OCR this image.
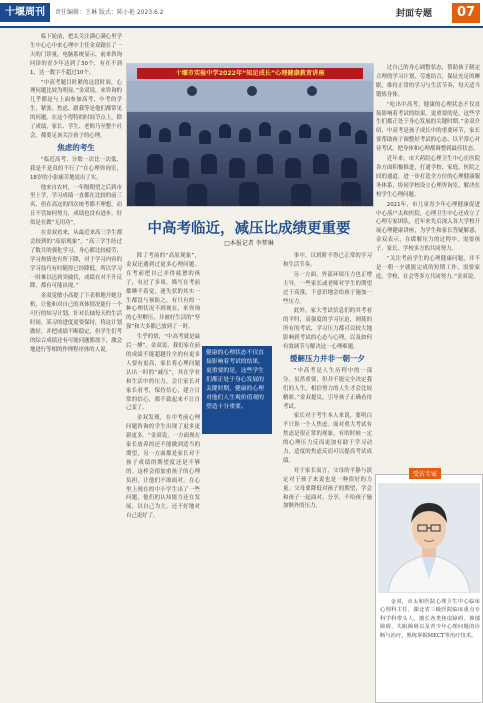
十堰周刊	责任编辑：王琳 版式：陈小艳 2023.6.2	封面专题	07

临下轮前，把太关注满心满心里学生中心心中来心理中主任金双籍在了一天的门诊量。电脑系统显示，前来咨询问诊的青少年达到了30个，有在不到1，达一数字不超过10个。

“中高考题目时紧的这段时间，心理问题比较为明显。”金双说，来咨询的几乎都是与上面参加高考、中考的学生，紧张、焦虑、跟我等是他们都常见的问题。在这个得特的时间节点上，除了成绩，家长、学生、老师乃至整个社会，都要足该关注孩子的心理。

焦虑的考生

“临近高考，分数一次比一次低，我是不是真的不行了”在心理咨询室，18岁的小张痛苦地说出了实。

他来自农村，一年级期望之后到市里上学，学习成绩一直都在比较的前三名，但在高这的四次统考都不理想，而且不管如何努力，成绩也没有进步，好似是在做“无用功”。

在金双看来，从最近来高三学生都会较到的“高原现象”。“高三学生经过了数月的强化学习，身心都比较疲劳，学习热情也有所下降，对于学习内容的学习技巧有时随得已经降低，所以学习一时难以达到突破状，成绩在对不升反降，都有可能出现。”

金双觉敏小高提了下表格地开她分析，让他和对自己的真体情况能行一个可行的知习计划，针对长轴每天的生活时间，某习的进度更要保持，将这计划做好，并把成绩不断稳定，但学生们考的综合成绩还有可能问题都放下，激会地进行等相的作理程序体的人说。

十堰市实验中学2022年“知足成长”心理健康教育讲座
心理健康讲座。
中高考临近，减压比成绩更重要
□本报记者 李梦琳

除了考前的“高原现象”，金双还遇到过更多心理问题。在考前把自己弄得疲惫的孩子，有过了多项，描写在考前都睡不着觉，迷失状的其实一生都没与预防之，有只有的一种心理状况不到现在，来咨询的心里解压，并被好生活的“坚强”和大多都已放到了一时。

生乎的情，“中高考就是最后一搏”。金双说，我们家在前的成绩不能超越往全的有更多人要有更高，家长将心理问题认出一时的“减压”，其在学业和生活中的压力，会让家长对家长看考，保持信心，建立日常的信心，都不致起来不让自己变了。

金双发现，在中考前心理问题咨询的学生出现了更多更新更多。“金双说，一方面现在家长放养的还不能做到适当的期望，另一方面都是家长对于孩子成绩的期望度还是不够的。这样会很加重孩子的心理负担，让他们不敢面对。在心里上现在的中小学生出了一些问题，他们的认知能力还在发展、以自己为主，还不好地对自己更好了。

健康的心理状态不仅直接影响着考试的结果，更重要的是，这些学生们都正处于身心发展的关键时期，健康的心理对他们人生观价值观的塑造十分重要。

事中，以班阶不得已正常的学习和生活节奏。

另一方面，外部环境压力也正增主导。一些家长或老师对学生的期望过于高涨，下意识地会给孩子施加一些压力。

此外，家大考试信息们的其考看的平时，高强度的学习压迫，则使的所有的考试，学习压力都可以较大地影响到考试的心态与心理，以及如何有效调节与解决这一心理难题。

缓解压力并非一朝一夕

“中高考是人生历程中的一部分，虽然重要，但并不能完全决定我们的人生，相信努力的人生才会比较精彩。”金双提议，引导孩子正确看待考试。

家长对于考生本人来说，要明白不只你一个人焦虑。面对重大考试有焦虑是很正常的现象，有的时候一定的心理压力反而更加有助于学习动力，适度的焦虑反而可以提高考试成绩。

对于家长而言，父母的平静与淡定对于孩子来说也是一种很好的力量。父母要降低对孩子的期望，学会和孩子一起面对、分享，不给孩子施加额外的压力。

过自己的身心调整状态，帮助孩子制定合理的学习计划，劳逸结合，保证充足的睡眠，维持正常的学习与生活节奏，每天适当锻炼身体。

“吃出中高考，健康的心理状态不仅直接影响着考试的结果，更重要的是，这些学生们都正处于身心发展的关键时期。”金双介绍，中高考是孩子成长中的重要环节，家长要帮助孩子调整好考试的心态，以平常心对待考试，把身体和心理都调整到最佳状态。

近年来，市大药院心理卫生中心在医院各方面积极推进，打通学校、家庭、医院之间的通道，进一步打造全方位的心理健康服务体系，协同学校设立心理咨询室，解决在校学生心理问题。

2021年，市儿童青少年心理健康促进中心落户太和医院，心理卫生中心还成立了心理专家团队，近年来先后深入各大学校开展心理健康讲座，为学生和家长答疑解惑，金双表示，在缓解压力的过程中，需要孩子、家长、学校多方的共同努力。

“关注考前学生的心理健康问题，并不是一朝一夕就能完成的短期工作，需要家庭、学校、社会等多方共同努力。”金双说。

受访专家
金双，市太和医院心理卫生中心临床心理科主任，湖北省三级医院临床重点专科学科带头人，擅长各类焦虑障碍、抑郁障碍、失眠障碍以及青少年心理问题的诊断与治疗，熟练掌握MECT等治疗技术。
